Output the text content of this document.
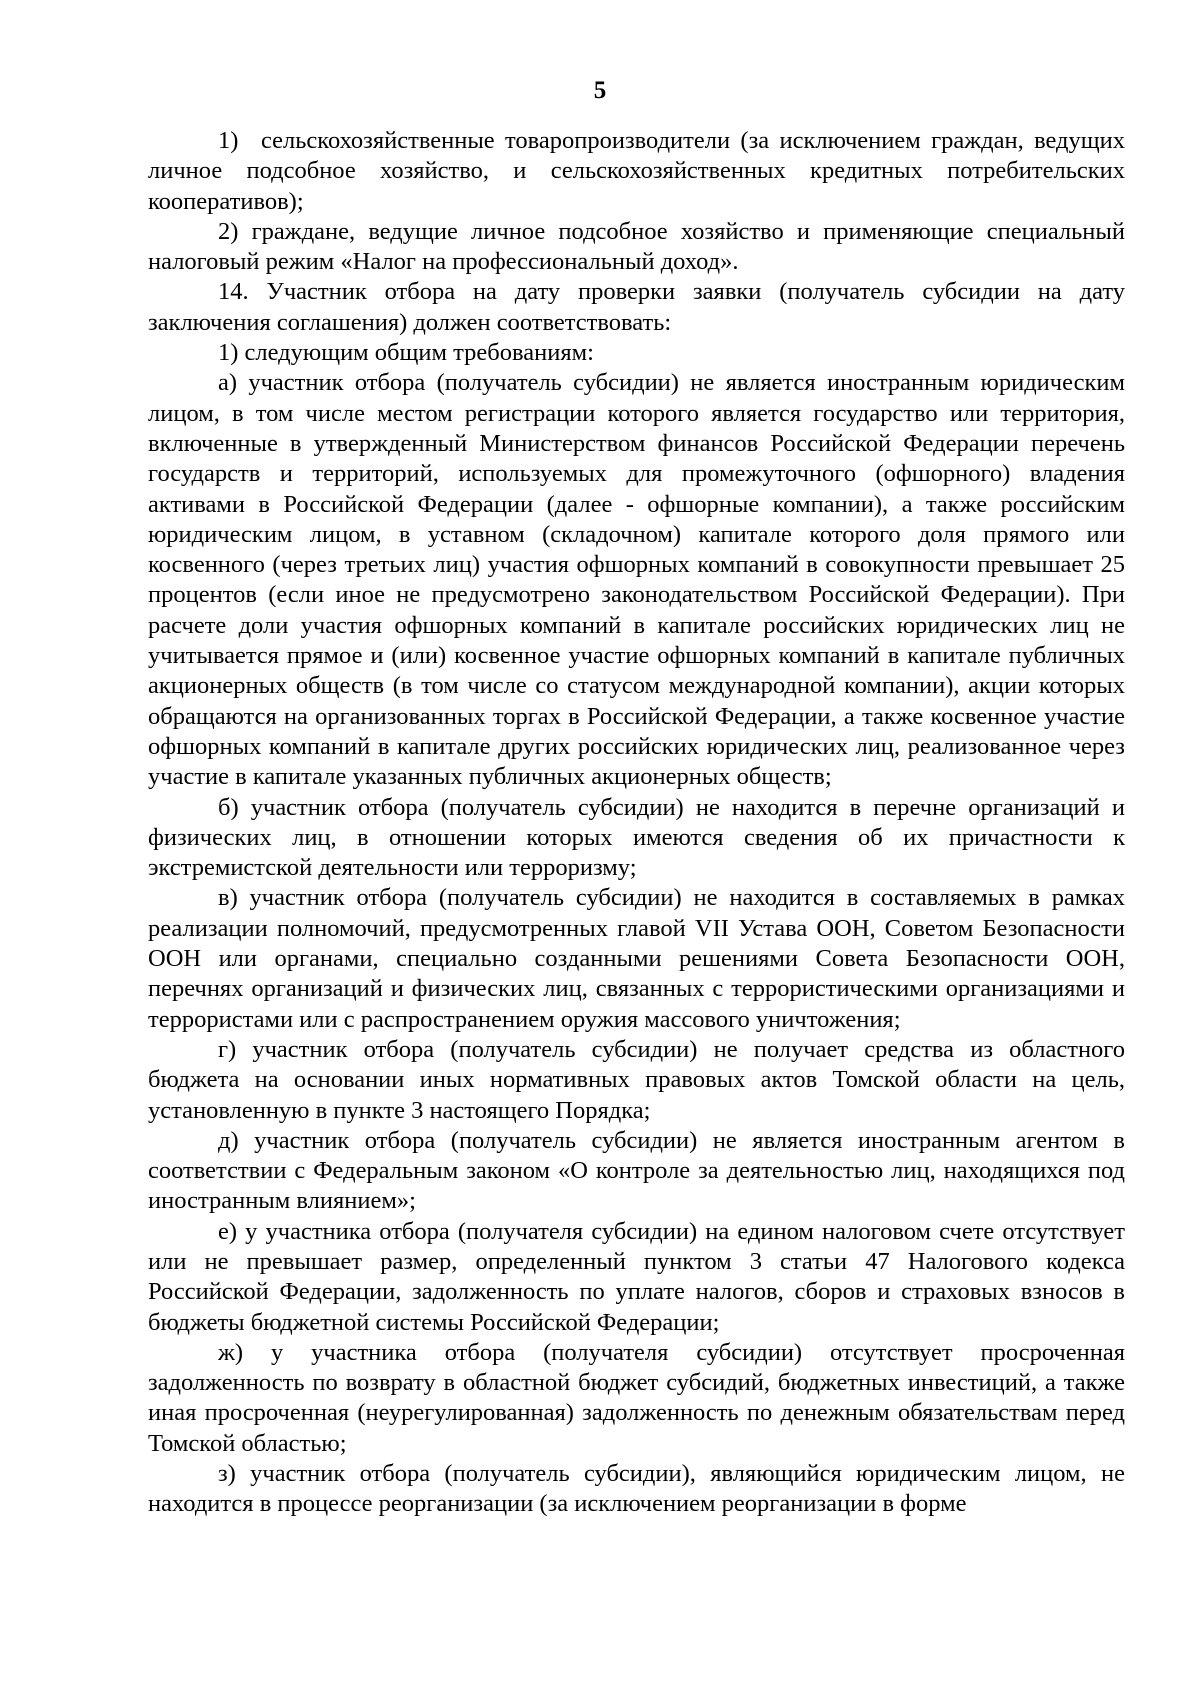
5

1)  сельскохозяйственные товаропроизводители (за исключением граждан, ведущих личное подсобное хозяйство, и сельскохозяйственных кредитных потребительских кооперативов);

2) граждане, ведущие личное подсобное хозяйство и применяющие специальный налоговый режим «Налог на профессиональный доход».

14. Участник отбора на дату проверки заявки (получатель субсидии на дату заключения соглашения) должен соответствовать:

1) следующим общим требованиям:

а) участник отбора (получатель субсидии) не является иностранным юридическим лицом, в том числе местом регистрации которого является государство или территория, включенные в утвержденный Министерством финансов Российской Федерации перечень государств и территорий, используемых для промежуточного (офшорного) владения активами в Российской Федерации (далее - офшорные компании), а также российским юридическим лицом, в уставном (складочном) капитале которого доля прямого или косвенного (через третьих лиц) участия офшорных компаний в совокупности превышает 25 процентов (если иное не предусмотрено законодательством Российской Федерации). При расчете доли участия офшорных компаний в капитале российских юридических лиц не учитывается прямое и (или) косвенное участие офшорных компаний в капитале публичных акционерных обществ (в том числе со статусом международной компании), акции которых обращаются на организованных торгах в Российской Федерации, а также косвенное участие офшорных компаний в капитале других российских юридических лиц, реализованное через участие в капитале указанных публичных акционерных обществ;

б) участник отбора (получатель субсидии) не находится в перечне организаций и физических лиц, в отношении которых имеются сведения об их причастности к экстремистской деятельности или терроризму;

в) участник отбора (получатель субсидии) не находится в составляемых в рамках реализации полномочий, предусмотренных главой VII Устава ООН, Советом Безопасности ООН или органами, специально созданными решениями Совета Безопасности ООН, перечнях организаций и физических лиц, связанных с террористическими организациями и террористами или с распространением оружия массового уничтожения;

г) участник отбора (получатель субсидии) не получает средства из областного бюджета на основании иных нормативных правовых актов Томской области на цель, установленную в пункте 3 настоящего Порядка;

д) участник отбора (получатель субсидии) не является иностранным агентом в соответствии с Федеральным законом «О контроле за деятельностью лиц, находящихся под иностранным влиянием»;

е) у участника отбора (получателя субсидии) на едином налоговом счете отсутствует или не превышает размер, определенный пунктом 3 статьи 47 Налогового кодекса Российской Федерации, задолженность по уплате налогов, сборов и страховых взносов в бюджеты бюджетной системы Российской Федерации;

ж) у участника отбора (получателя субсидии) отсутствует просроченная задолженность по возврату в областной бюджет субсидий, бюджетных инвестиций, а также иная просроченная (неурегулированная) задолженность по денежным обязательствам перед Томской областью;

з) участник отбора (получатель субсидии), являющийся юридическим лицом, не находится в процессе реорганизации (за исключением реорганизации в форме
